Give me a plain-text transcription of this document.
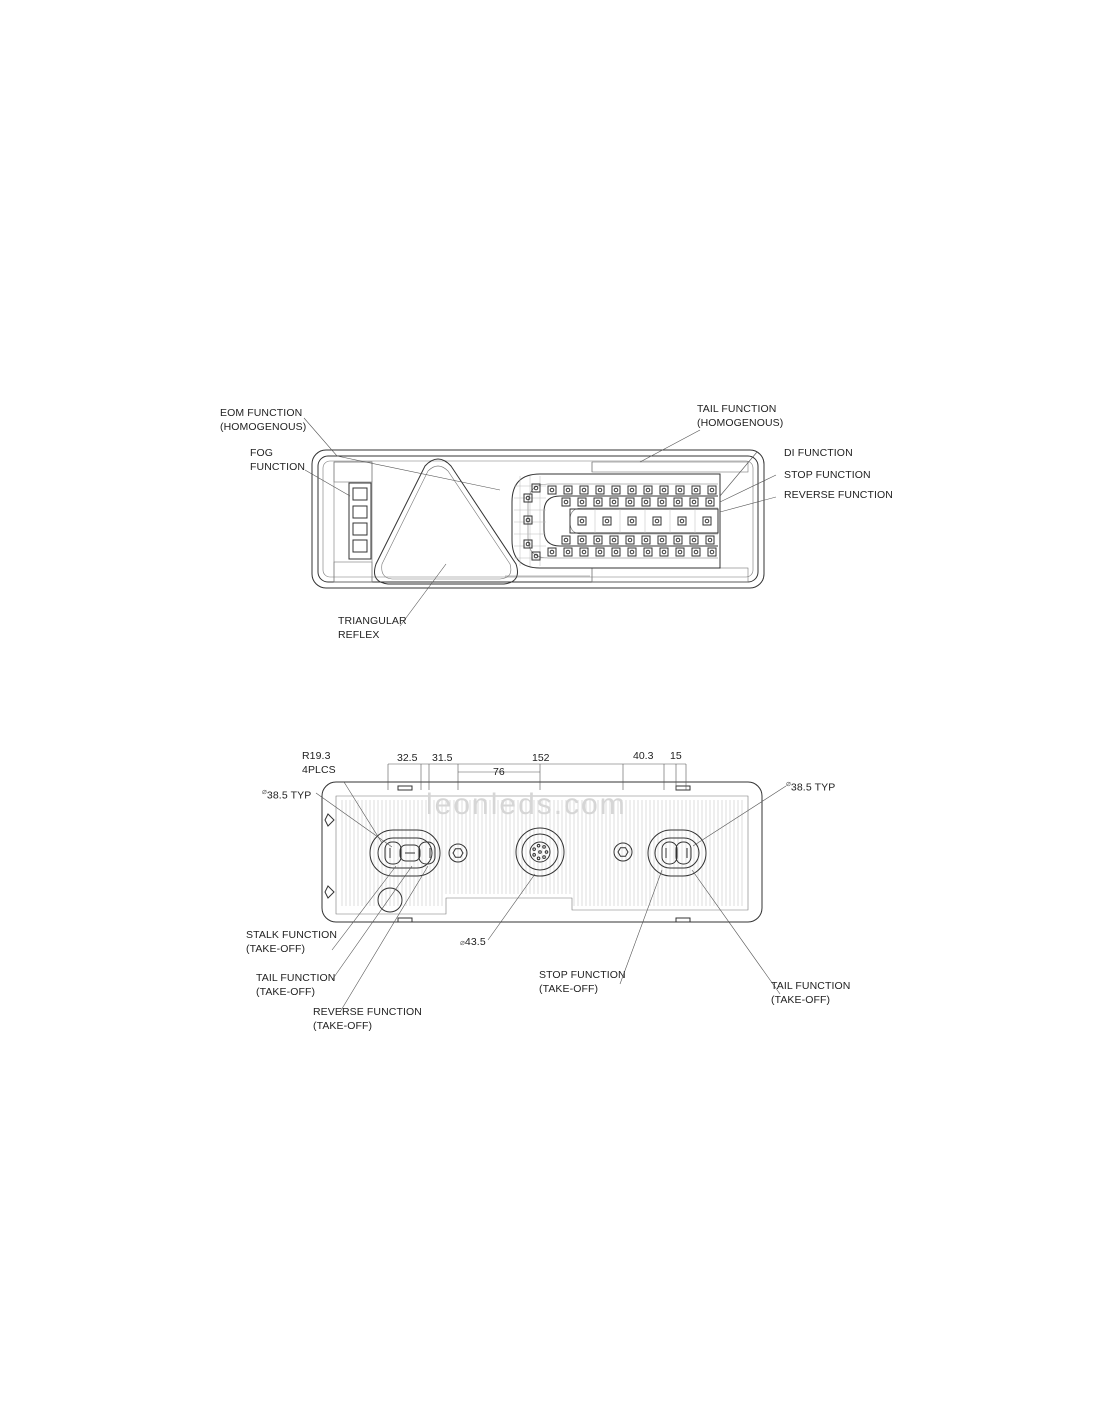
leonleds.com
EOM FUNCTION
(HOMOGENOUS)
FOG
FUNCTION
TAIL FUNCTION
(HOMOGENOUS)
DI FUNCTION
STOP FUNCTION
REVERSE FUNCTION
TRIANGULAR
REFLEX
R19.3
4PLCS
⌀38.5 TYP
⌀38.5 TYP
⌀43.5
STALK FUNCTION
(TAKE-OFF)
TAIL FUNCTION
(TAKE-OFF)
REVERSE FUNCTION
(TAKE-OFF)
STOP FUNCTION
(TAKE-OFF)	TAIL FUNCTION
(TAKE-OFF)
32.5 31.5
76
152	40.3 15
